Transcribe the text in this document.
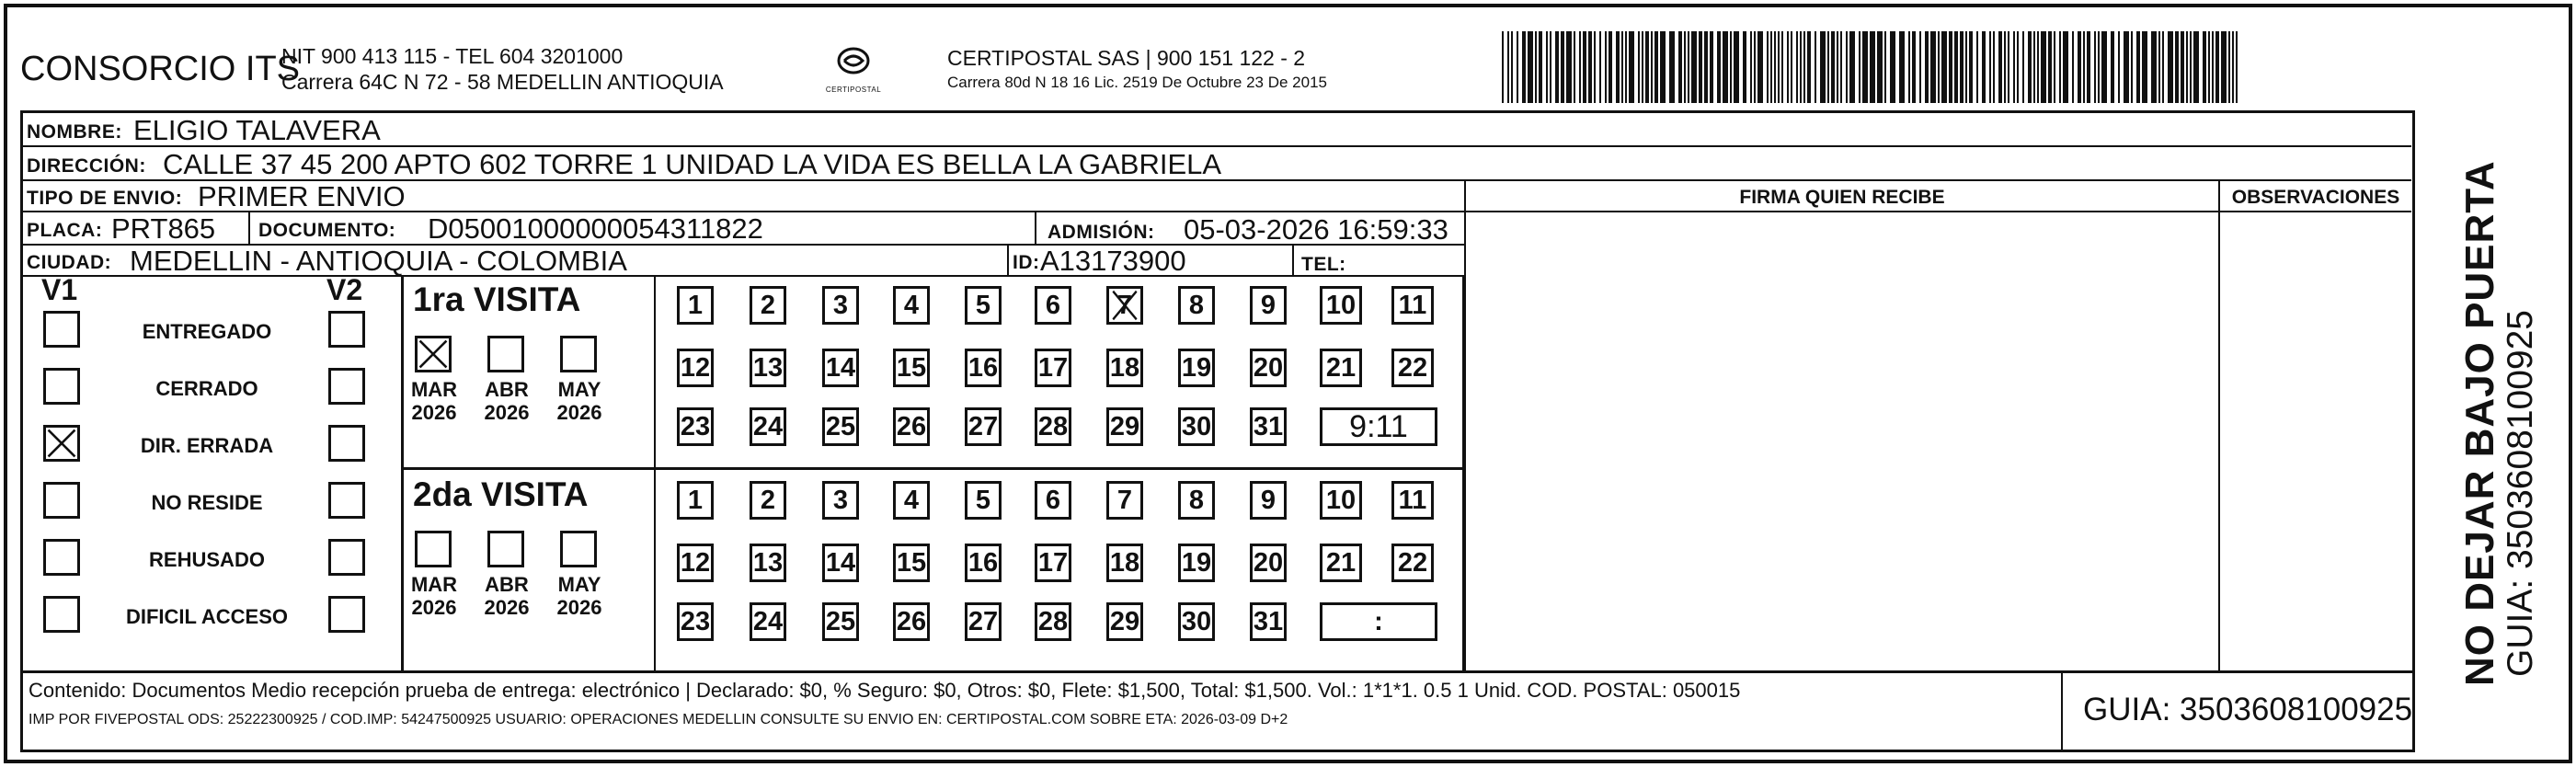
CONSORCIO ITS
NIT 900 413 115 - TEL 604 3201000
Carrera 64C N 72 - 58 MEDELLIN ANTIOQUIA	CERTIPOSTAL
CERTIPOSTAL SAS | 900 151 122 - 2
Carrera 80d N 18 16 Lic. 2519 De Octubre 23 De 2015
NOMBRE: ELIGIO TALAVERA
DIRECCIÓN: CALLE 37 45 200 APTO 602 TORRE 1 UNIDAD LA VIDA ES BELLA LA GABRIELA
TIPO DE ENVIO: PRIMER ENVIO
PLACA: PRT865 DOCUMENTO: D05001000000054311822	ADMISIÓN: 05-03-2026 16:59:33
CIUDAD: MEDELLIN - ANTIOQUIA - COLOMBIA	ID: A13173900	TEL:
FIRMA QUIEN RECIBE	OBSERVACIONES
V1	V2
ENTREGADO
CERRADO
DIR. ERRADA
NO RESIDE
REHUSADO
DIFICIL ACCESO
1ra VISITA
2da VISITA
MAR
2026
ABR
2026
MAY
2026
1 2 3 4 5 6 7 8 9 10 11
12 13 14 15 16 17 18 19 20 21 22
23 24 25 26 27 28 29 30 31	9:11
MAR
2026
ABR
2026
MAY
2026
1 2 3 4 5 6 7 8 9 10 11
12 13 14 15 16 17 18 19 20 21 22
23 24 25 26 27 28 29 30 31	:	NO DEJAR BAJO PUERTA
GUIA: 3503608100925
Contenido: Documentos Medio recepción prueba de entrega: electrónico | Declarado: $0, % Seguro: $0, Otros: $0, Flete: $1,500, Total: $1,500. Vol.: 1*1*1. 0.5 1 Unid. COD. POSTAL: 050015
IMP POR FIVEPOSTAL ODS: 25222300925 / COD.IMP: 54247500925 USUARIO: OPERACIONES MEDELLIN CONSULTE SU ENVIO EN: CERTIPOSTAL.COM SOBRE ETA: 2026-03-09 D+2	GUIA: 3503608100925
